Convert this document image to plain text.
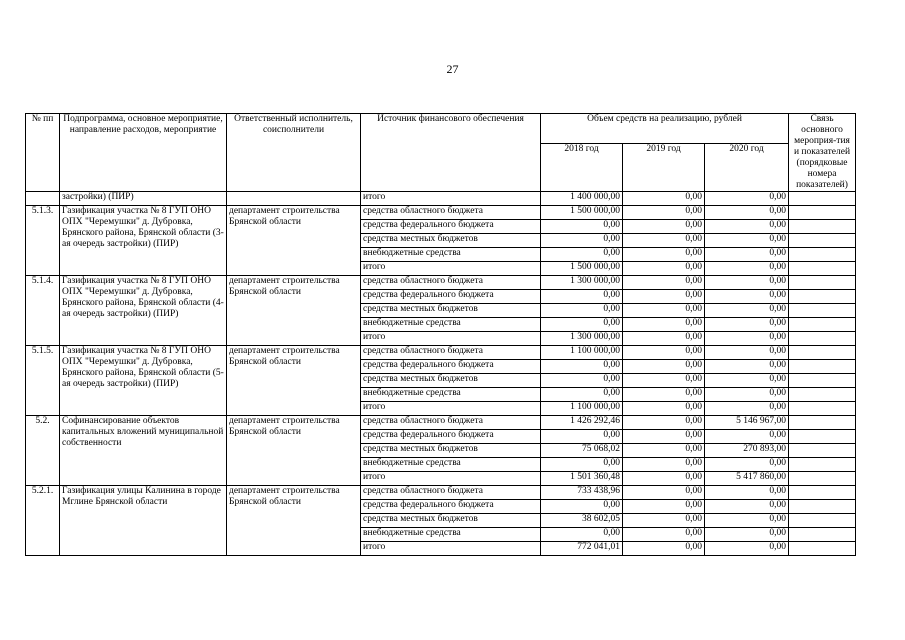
27
№ пп	Подпрограмма, основное мероприятие, направление расходов, мероприятие	Ответственный исполнитель, соисполнители	Источник финансового обеспечения	Объем средств на реализацию, рублей			Связь основного мероприя-тия и показателей (порядковые номера показателей)
				2018 год	2019 год	2020 год	
	застройки) (ПИР)		итого	1 400 000,00	0,00	0,00	
5.1.3.	Газификация участка № 8 ГУП ОНО ОПХ "Черемушки" д. Дубровка, Брянского района, Брянской области (3-ая очередь застройки) (ПИР)	департамент строительства Брянской области	средства областного бюджета	1 500 000,00	0,00	0,00	
			средства федерального бюджета	0,00	0,00	0,00	
			средства местных бюджетов	0,00	0,00	0,00	
			внебюджетные средства	0,00	0,00	0,00	
			итого	1 500 000,00	0,00	0,00	
5.1.4.	Газификация участка № 8 ГУП ОНО ОПХ "Черемушки" д. Дубровка, Брянского района, Брянской области (4-ая очередь застройки) (ПИР)	департамент строительства Брянской области	средства областного бюджета	1 300 000,00	0,00	0,00	
			средства федерального бюджета	0,00	0,00	0,00	
			средства местных бюджетов	0,00	0,00	0,00	
			внебюджетные средства	0,00	0,00	0,00	
			итого	1 300 000,00	0,00	0,00	
5.1.5.	Газификация участка № 8 ГУП ОНО ОПХ "Черемушки" д. Дубровка, Брянского района, Брянской области (5-ая очередь застройки) (ПИР)	департамент строительства Брянской области	средства областного бюджета	1 100 000,00	0,00	0,00	
			средства федерального бюджета	0,00	0,00	0,00	
			средства местных бюджетов	0,00	0,00	0,00	
			внебюджетные средства	0,00	0,00	0,00	
			итого	1 100 000,00	0,00	0,00	
5.2.	Софинансирование объектов капитальных вложений муниципальной собственности	департамент строительства Брянской области	средства областного бюджета	1 426 292,46	0,00	5 146 967,00	
			средства федерального бюджета	0,00	0,00	0,00	
			средства местных бюджетов	75 068,02	0,00	270 893,00	
			внебюджетные средства	0,00	0,00	0,00	
			итого	1 501 360,48	0,00	5 417 860,00	
5.2.1.	Газификация улицы Калинина в городе Мглине Брянской области	департамент строительства Брянской области	средства областного бюджета	733 438,96	0,00	0,00	
			средства федерального бюджета	0,00	0,00	0,00	
			средства местных бюджетов	38 602,05	0,00	0,00	
			внебюджетные средства	0,00	0,00	0,00	
			итого	772 041,01	0,00	0,00	
